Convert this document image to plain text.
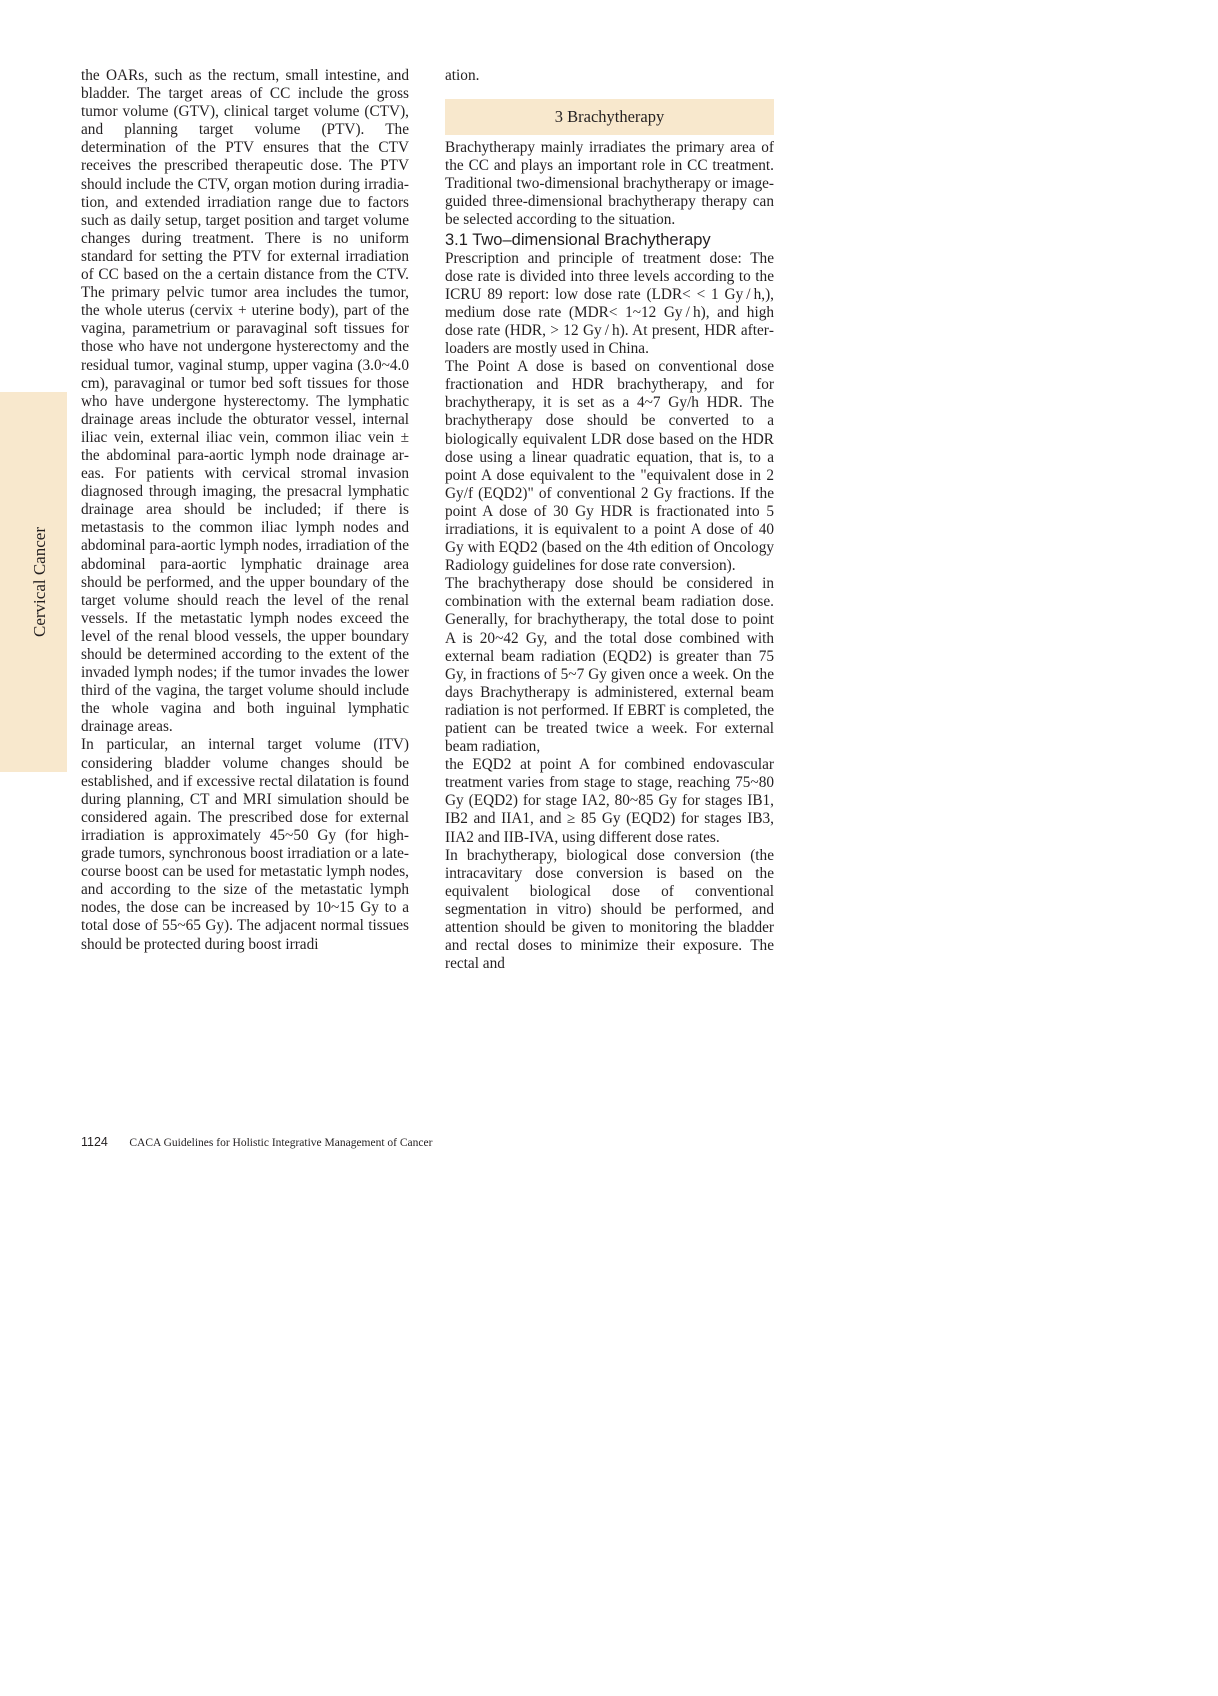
Cervical Cancer

the OARs, such as the rectum, small intestine, and bladder. The target areas of CC include the gross tumor volume (GTV), clinical target volume (CTV), and planning target volume (PTV). The determination of the PTV ensures that the CTV receives the prescribed therapeutic dose. The PTV should include the CTV, organ motion during irradiation, and extended irradiation range due to factors such as daily setup, target position and target volume changes during treatment. There is no uniform standard for setting the PTV for external irradiation of CC based on the a certain distance from the CTV. The primary pelvic tumor area includes the tumor, the whole uterus (cervix + uterine body), part of the vagina, parametrium or paravaginal soft tissues for those who have not undergone hysterectomy and the residual tumor, vaginal stump, upper vagina (3.0~4.0 cm), paravaginal or tumor bed soft tissues for those who have undergone hysterectomy. The lymphatic drainage areas include the obturator vessel, internal iliac vein, external iliac vein, common iliac vein ± the abdominal para-aortic lymph node drainage areas. For patients with cervical stromal invasion diagnosed through imaging, the presacral lymphatic drainage area should be included; if there is metastasis to the common iliac lymph nodes and abdominal para-aortic lymph nodes, irradiation of the abdominal para-aortic lymphatic drainage area should be performed, and the upper boundary of the target volume should reach the level of the renal vessels. If the metastatic lymph nodes exceed the level of the renal blood vessels, the upper boundary should be determined according to the extent of the invaded lymph nodes; if the tumor invades the lower third of the vagina, the target volume should include the whole vagina and both inguinal lymphatic drainage areas.

In particular, an internal target volume (ITV) considering bladder volume changes should be established, and if excessive rectal dilatation is found during planning, CT and MRI simulation should be considered again. The prescribed dose for external irradiation is approximately 45~50 Gy (for high-grade tumors, synchronous boost irradiation or a late-course boost can be used for metastatic lymph nodes, and according to the size of the metastatic lymph nodes, the dose can be increased by 10~15 Gy to a total dose of 55~65 Gy). The adjacent normal tissues should be protected during boost irradi

ation.

3 Brachytherapy

Brachytherapy mainly irradiates the primary area of the CC and plays an important role in CC treatment. Traditional two-dimensional brachytherapy or image-guided three-dimensional brachytherapy therapy can be selected according to the situation.

3.1 Two–dimensional Brachytherapy

Prescription and principle of treatment dose: The dose rate is divided into three levels according to the ICRU 89 report: low dose rate (LDR< < 1 Gy / h,), medium dose rate (MDR< 1~12 Gy / h), and high dose rate (HDR, > 12 Gy / h). At present, HDR afterloaders are mostly used in China.

The Point A dose is based on conventional dose fractionation and HDR brachytherapy, and for brachytherapy, it is set as a 4~7 Gy/h HDR. The brachytherapy dose should be converted to a biologically equivalent LDR dose based on the HDR dose using a linear quadratic equation, that is, to a point A dose equivalent to the "equivalent dose in 2 Gy/f (EQD2)" of conventional 2 Gy fractions. If the point A dose of 30 Gy HDR is fractionated into 5 irradiations, it is equivalent to a point A dose of 40 Gy with EQD2 (based on the 4th edition of Oncology Radiology guidelines for dose rate conversion).

The brachytherapy dose should be considered in combination with the external beam radiation dose. Generally, for brachytherapy, the total dose to point A is 20~42 Gy, and the total dose combined with external beam radiation (EQD2) is greater than 75 Gy, in fractions of 5~7 Gy given once a week. On the days Brachytherapy is administered, external beam radiation is not performed. If EBRT is completed, the patient can be treated twice a week. For external beam radiation,

the EQD2 at point A for combined endovascular treatment varies from stage to stage, reaching 75~80 Gy (EQD2) for stage IA2, 80~85 Gy for stages IB1, IB2 and IIA1, and ≥ 85 Gy (EQD2) for stages IB3, IIA2 and IIB-IVA, using different dose rates.

In brachytherapy, biological dose conversion (the intracavitary dose conversion is based on the equivalent biological dose of conventional segmentation in vitro) should be performed, and attention should be given to monitoring the bladder and rectal doses to minimize their exposure. The rectal and

1124 CACA Guidelines for Holistic Integrative Management of Cancer
